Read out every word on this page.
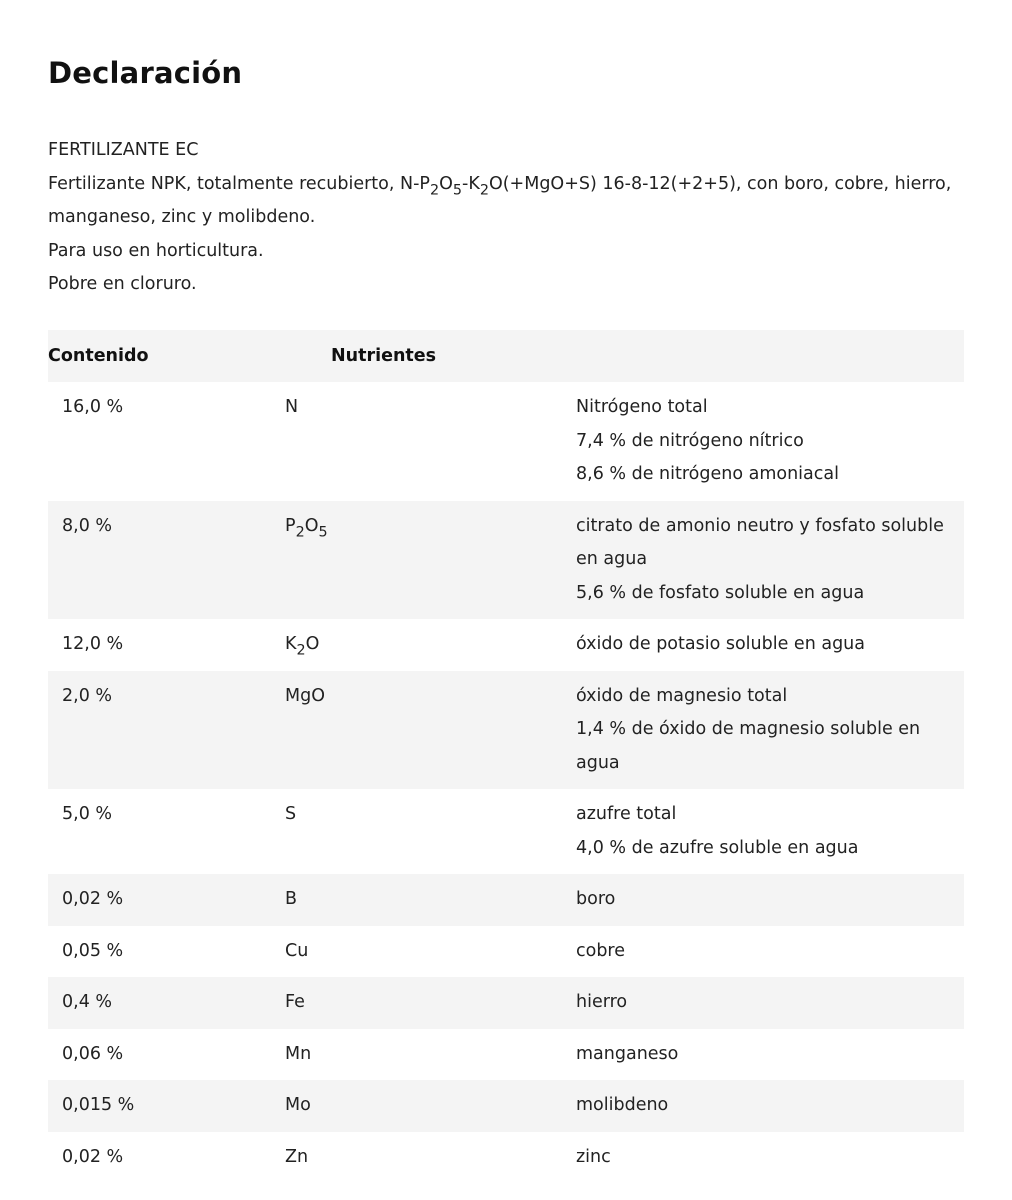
Declaración

FERTILIZANTE EC

Fertilizante NPK, totalmente recubierto, $N-P_2O_5-K_2O(+MgO+S)$ 16-8-12(+2+5), con boro, cobre, hierro, manganeso, zinc y molibdeno.

Para uso en horticultura.

Pobre en cloruro.

Contenido	Nutrientes	
16,0 %	N	Nitrógeno total
7,4 % de nitrógeno nítrico
8,6 % de nitrógeno amoniacal

8,0 %	$P_2O_5$	citrato de amonio neutro y fosfato soluble en agua
5,6 % de fosfato soluble en agua

12,0 %	$K_2O$	óxido de potasio soluble en agua

2,0 %	MgO	óxido de magnesio total
1,4 % de óxido de magnesio soluble en agua

5,0 %	S	azufre total
4,0 % de azufre soluble en agua

0,02 %	B	boro

0,05 %	Cu	cobre

0,4 %	Fe	hierro

0,06 %	Mn	manganeso

0,015 %	Mo	molibdeno

0,02 %	Zn	zinc
